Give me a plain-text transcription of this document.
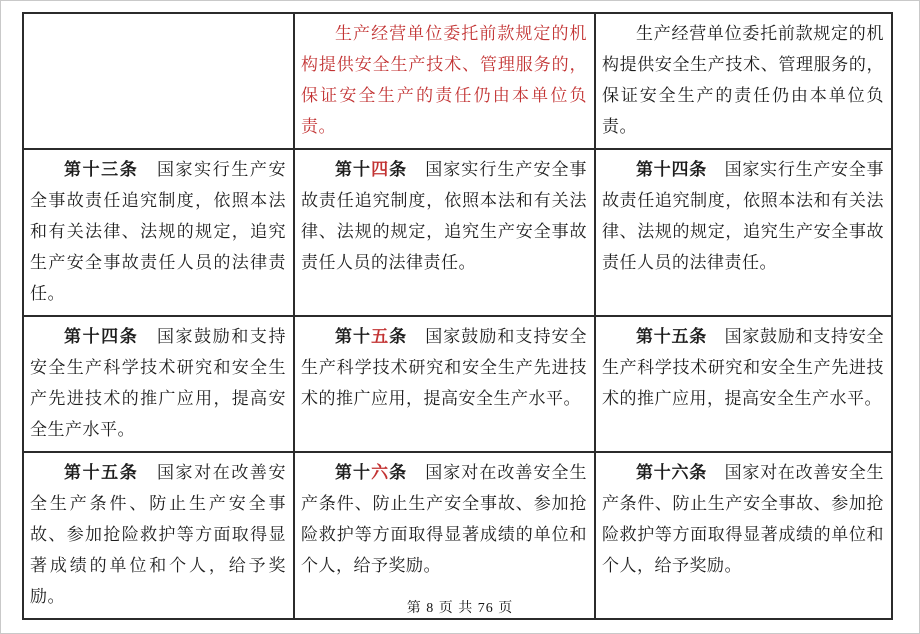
	生产经营单位委托前款规定的机构提供安全生产技术、管理服务的，保证安全生产的责任仍由本单位负责。	生产经营单位委托前款规定的机构提供安全生产技术、管理服务的，保证安全生产的责任仍由本单位负责。

第十三条　国家实行生产安全事故责任追究制度，依照本法和有关法律、法规的规定，追究生产安全事故责任人员的法律责任。	第十四条　国家实行生产安全事故责任追究制度，依照本法和有关法律、法规的规定，追究生产安全事故责任人员的法律责任。	第十四条　国家实行生产安全事故责任追究制度，依照本法和有关法律、法规的规定，追究生产安全事故责任人员的法律责任。

第十四条　国家鼓励和支持安全生产科学技术研究和安全生产先进技术的推广应用，提高安全生产水平。	第十五条　国家鼓励和支持安全生产科学技术研究和安全生产先进技术的推广应用，提高安全生产水平。	第十五条　国家鼓励和支持安全生产科学技术研究和安全生产先进技术的推广应用，提高安全生产水平。

第十五条　国家对在改善安全生产条件、防止生产安全事故、参加抢险救护等方面取得显著成绩的单位和个人，给予奖励。	第十六条　国家对在改善安全生产条件、防止生产安全事故、参加抢险救护等方面取得显著成绩的单位和个人，给予奖励。	第十六条　国家对在改善安全生产条件、防止生产安全事故、参加抢险救护等方面取得显著成绩的单位和个人，给予奖励。

第 8 页 共 76 页
